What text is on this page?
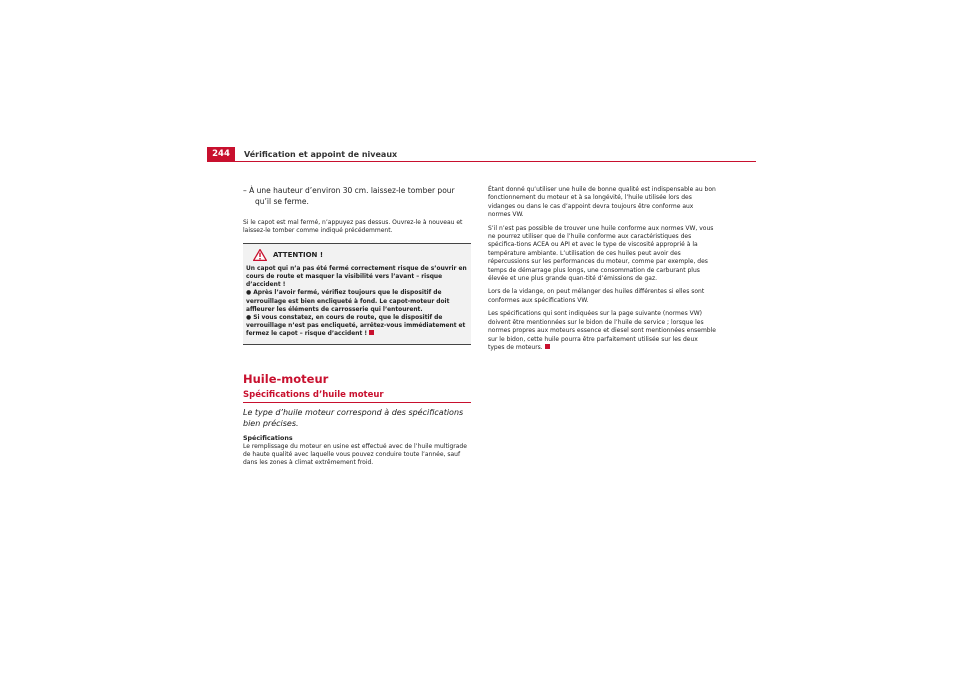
244	Vérification et appoint de niveaux

– À une hauteur d’environ 30 cm. laissez-le tomber pour qu’il se ferme.

Si le capot est mal fermé, n’appuyez pas dessus. Ouvrez-le à nouveau et laissez-le tomber comme indiqué précédemment.

ATTENTION !

Un capot qui n’a pas été fermé correctement risque de s’ouvrir en cours de route et masquer la visibilité vers l’avant – risque d’accident !

● Après l’avoir fermé, vérifiez toujours que le dispositif de verrouillage est bien encliqueté à fond. Le capot-moteur doit affleurer les éléments de carrosserie qui l’entourent.

● Si vous constatez, en cours de route, que le dispositif de verrouillage n’est pas encliqueté, arrêtez-vous immédiatement et fermez le capot – risque d’accident !

Huile-moteur
Spécifications d’huile moteur

Le type d’huile moteur correspond à des spécifications bien précises.

Spécifications

Le remplissage du moteur en usine est effectué avec de l’huile multigrade de haute qualité avec laquelle vous pouvez conduire toute l’année, sauf dans les zones à climat extrêmement froid.

Étant donné qu’utiliser une huile de bonne qualité est indispensable au bon fonctionnement du moteur et à sa longévité, l’huile utilisée lors des vidanges ou dans le cas d’appoint devra toujours être conforme aux normes VW.

S’il n’est pas possible de trouver une huile conforme aux normes VW, vous ne pourrez utiliser que de l’huile conforme aux caractéristiques des spécifica-tions ACEA ou API et avec le type de viscosité approprié à la température ambiante. L’utilisation de ces huiles peut avoir des répercussions sur les performances du moteur, comme par exemple, des temps de démarrage plus longs, une consommation de carburant plus élevée et une plus grande quan-tité d’émissions de gaz.

Lors de la vidange, on peut mélanger des huiles différentes si elles sont conformes aux spécifications VW.

Les spécifications qui sont indiquées sur la page suivante (normes VW) doivent être mentionnées sur le bidon de l’huile de service ; lorsque les normes propres aux moteurs essence et diesel sont mentionnées ensemble sur le bidon, cette huile pourra être parfaitement utilisée sur les deux types de moteurs.
